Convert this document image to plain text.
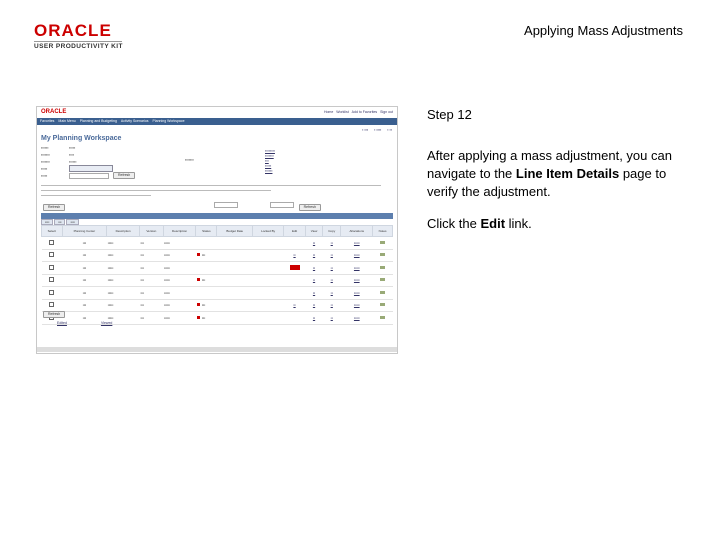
ORACLE
USER PRODUCTIVITY KIT
Applying Mass Adjustments
ORACLE	Home Worklist Add to Favorites Sign out
Favorites Main Menu Planning and Budgeting Activity Scenarios Planning Workspace
▪ ▪▪▪ ▪ ▪▪▪▪ ▪ ▪▪
My Planning Workspace
▪▪▪▪▪▪	▪▪▪▪▪
▪▪▪▪▪▪▪	▪▪▪▪
▪▪▪▪▪▪▪	▪▪▪▪▪▪
▪▪▪▪▪
▪▪▪▪▪	Refresh
▪▪▪▪▪▪▪
▪▪▪▪▪▪▪▪
▪▪▪▪▪▪▪
▪▪▪
▪▪▪▪▪
▪▪▪▪▪▪
Refresh	Refresh
▪▪▪▪	▪▪▪	▪▪▪▪
Select	Planning Center	Description	Version	Description	Status	Budget Date	Locked By	Edit	View	Copy	Allocations	Notes
	▪▪▪	▪▪▪▪▪	▪▪▪	▪▪▪▪▪					▪▪	▪▪	▪▪▪▪▪	
	▪▪▪	▪▪▪▪▪	▪▪▪	▪▪▪▪▪	▪▪▪			▪▪	▪▪	▪▪	▪▪▪▪▪	
	▪▪▪	▪▪▪▪▪	▪▪▪	▪▪▪▪▪					▪▪	▪▪	▪▪▪▪▪	
	▪▪▪	▪▪▪▪▪	▪▪▪	▪▪▪▪▪	▪▪▪				▪▪	▪▪	▪▪▪▪▪	
	▪▪▪	▪▪▪▪▪	▪▪▪	▪▪▪▪▪					▪▪	▪▪	▪▪▪▪▪	
	▪▪▪	▪▪▪▪▪	▪▪▪	▪▪▪▪▪	▪▪▪			▪▪	▪▪	▪▪	▪▪▪▪▪	
	▪▪▪	▪▪▪▪▪	▪▪▪	▪▪▪▪▪	▪▪▪				▪▪	▪▪	▪▪▪▪▪	
Refresh
Edited	Viewed
Step 12
After applying a mass adjustment, you can navigate to the Line Item Details page to verify the adjustment.
Click the Edit link.
